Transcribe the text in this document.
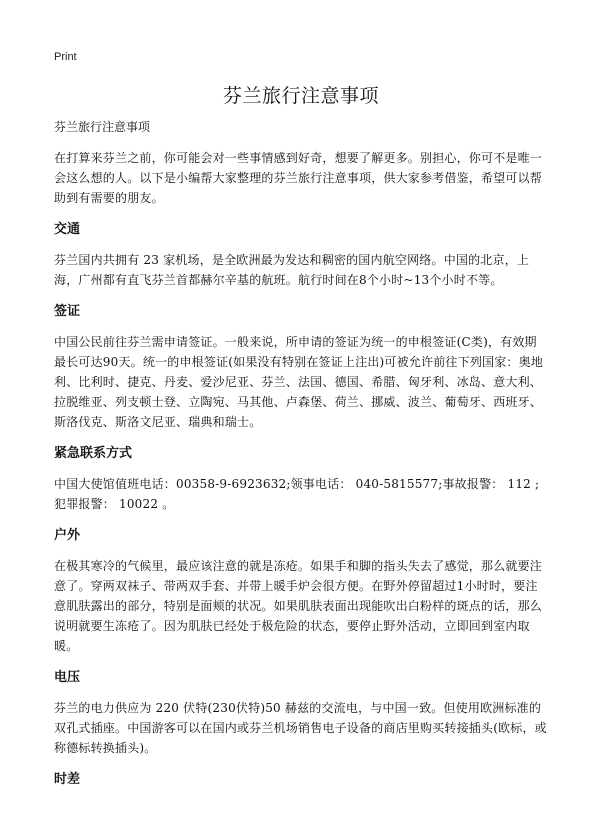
Print
芬兰旅行注意事项
芬兰旅行注意事项

在打算来芬兰之前，你可能会对一些事情感到好奇，想要了解更多。别担心，你可不是唯一会这么想的人。以下是小编帮大家整理的芬兰旅行注意事项，供大家参考借鉴，希望可以帮助到有需要的朋友。

交通

芬兰国内共拥有 23 家机场，是全欧洲最为发达和稠密的国内航空网络。中国的北京，上海，广州都有直飞芬兰首都赫尔辛基的航班。航行时间在8个小时~13个小时不等。

签证

中国公民前往芬兰需申请签证。一般来说，所申请的签证为统一的申根签证(C类)，有效期最长可达90天。统一的申根签证(如果没有特别在签证上注出)可被允许前往下列国家：奥地利、比利时、捷克、丹麦、爱沙尼亚、芬兰、法国、德国、希腊、匈牙利、冰岛、意大利、拉脱维亚、列支顿士登、立陶宛、马其他、卢森堡、荷兰、挪威、波兰、葡萄牙、西班牙、斯洛伐克、斯洛文尼亚、瑞典和瑞士。

紧急联系方式

中国大使馆值班电话：00358-9-6923632;领事电话： 040-5815577;事故报警： 112 ;犯罪报警： 10022 。

户外

在极其寒冷的气候里，最应该注意的就是冻疮。如果手和脚的指头失去了感觉，那么就要注意了。穿两双袜子、带两双手套、并带上暖手炉会很方便。在野外停留超过1小时时，要注意肌肤露出的部分，特别是面颊的状况。如果肌肤表面出现能吹出白粉样的斑点的话，那么说明就要生冻疮了。因为肌肤已经处于极危险的状态，要停止野外活动，立即回到室内取暖。

电压

芬兰的电力供应为 220 伏特(230伏特)50 赫兹的交流电，与中国一致。但使用欧洲标准的双孔式插座。中国游客可以在国内或芬兰机场销售电子设备的商店里购买转接插头(欧标，或称德标转换插头)。

时差
